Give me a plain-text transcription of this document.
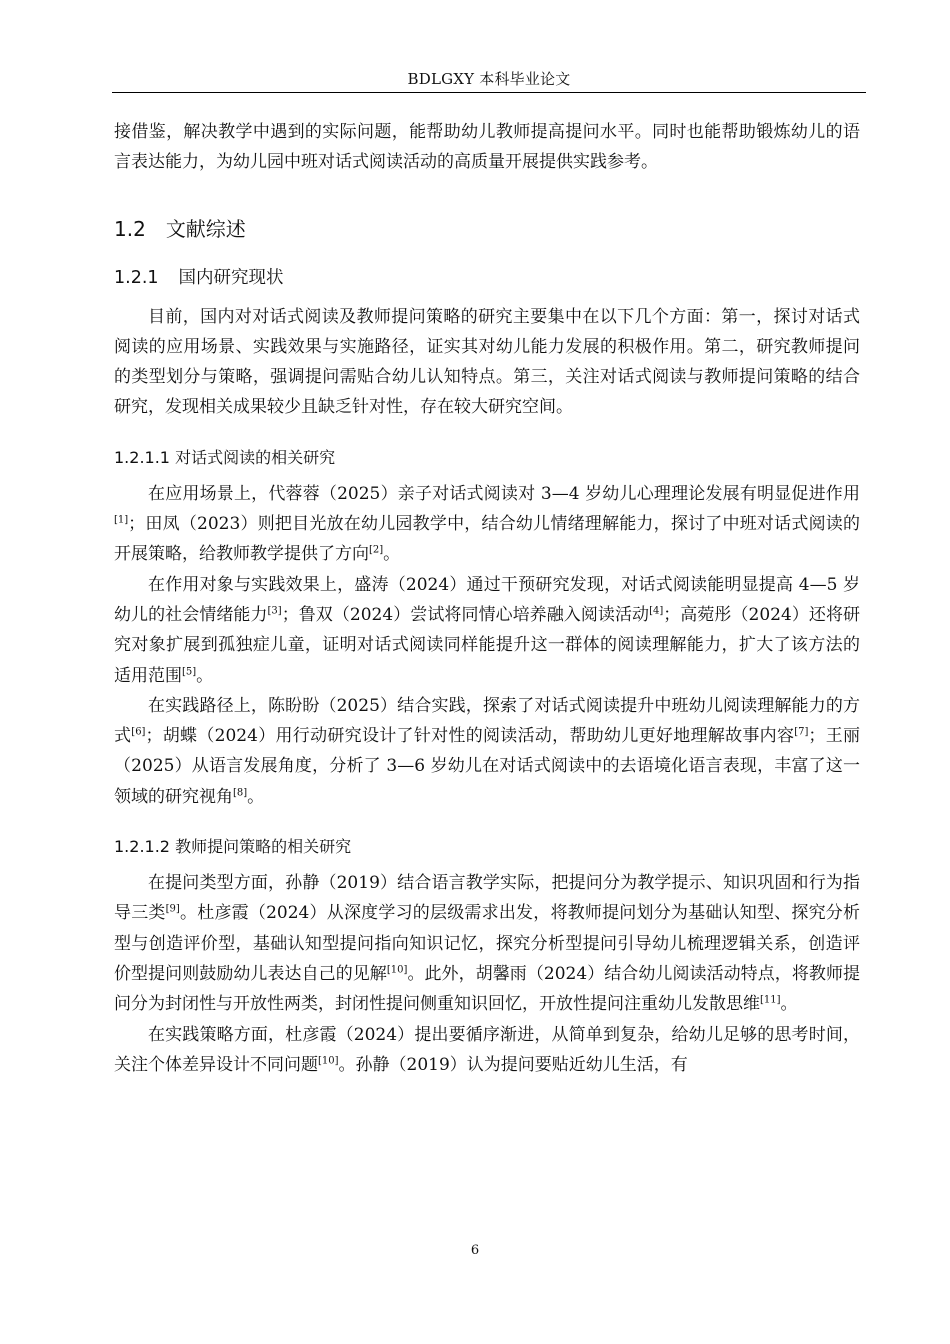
BDLGXY 本科毕业论文

接借鉴，解决教学中遇到的实际问题，能帮助幼儿教师提高提问水平。同时也能帮助锻炼幼儿的语言表达能力，为幼儿园中班对话式阅读活动的高质量开展提供实践参考。

1.2 文献综述
1.2.1 国内研究现状

目前，国内对对话式阅读及教师提问策略的研究主要集中在以下几个方面：第一，探讨对话式阅读的应用场景、实践效果与实施路径，证实其对幼儿能力发展的积极作用。第二，研究教师提问的类型划分与策略，强调提问需贴合幼儿认知特点。第三，关注对话式阅读与教师提问策略的结合研究，发现相关成果较少且缺乏针对性，存在较大研究空间。

1.2.1.1 对话式阅读的相关研究

在应用场景上，代蓉蓉（2025）亲子对话式阅读对 3—4 岁幼儿心理理论发展有明显促进作用[1]；田凤（2023）则把目光放在幼儿园教学中，结合幼儿情绪理解能力，探讨了中班对话式阅读的开展策略，给教师教学提供了方向[2]。

在作用对象与实践效果上，盛涛（2024）通过干预研究发现，对话式阅读能明显提高 4—5 岁幼儿的社会情绪能力[3]；鲁双（2024）尝试将同情心培养融入阅读活动[4]；高菀彤（2024）还将研究对象扩展到孤独症儿童，证明对话式阅读同样能提升这一群体的阅读理解能力，扩大了该方法的适用范围[5]。

在实践路径上，陈盼盼（2025）结合实践，探索了对话式阅读提升中班幼儿阅读理解能力的方式[6]；胡蝶（2024）用行动研究设计了针对性的阅读活动，帮助幼儿更好地理解故事内容[7]；王丽（2025）从语言发展角度，分析了 3—6 岁幼儿在对话式阅读中的去语境化语言表现，丰富了这一领域的研究视角[8]。

1.2.1.2 教师提问策略的相关研究

在提问类型方面，孙静（2019）结合语言教学实际，把提问分为教学提示、知识巩固和行为指导三类[9]。杜彦霞（2024）从深度学习的层级需求出发，将教师提问划分为基础认知型、探究分析型与创造评价型，基础认知型提问指向知识记忆，探究分析型提问引导幼儿梳理逻辑关系，创造评价型提问则鼓励幼儿表达自己的见解[10]。此外，胡馨雨（2024）结合幼儿阅读活动特点，将教师提问分为封闭性与开放性两类，封闭性提问侧重知识回忆，开放性提问注重幼儿发散思维[11]。

在实践策略方面，杜彦霞（2024）提出要循序渐进，从简单到复杂，给幼儿足够的思考时间，关注个体差异设计不同问题[10]。孙静（2019）认为提问要贴近幼儿生活，有

6
